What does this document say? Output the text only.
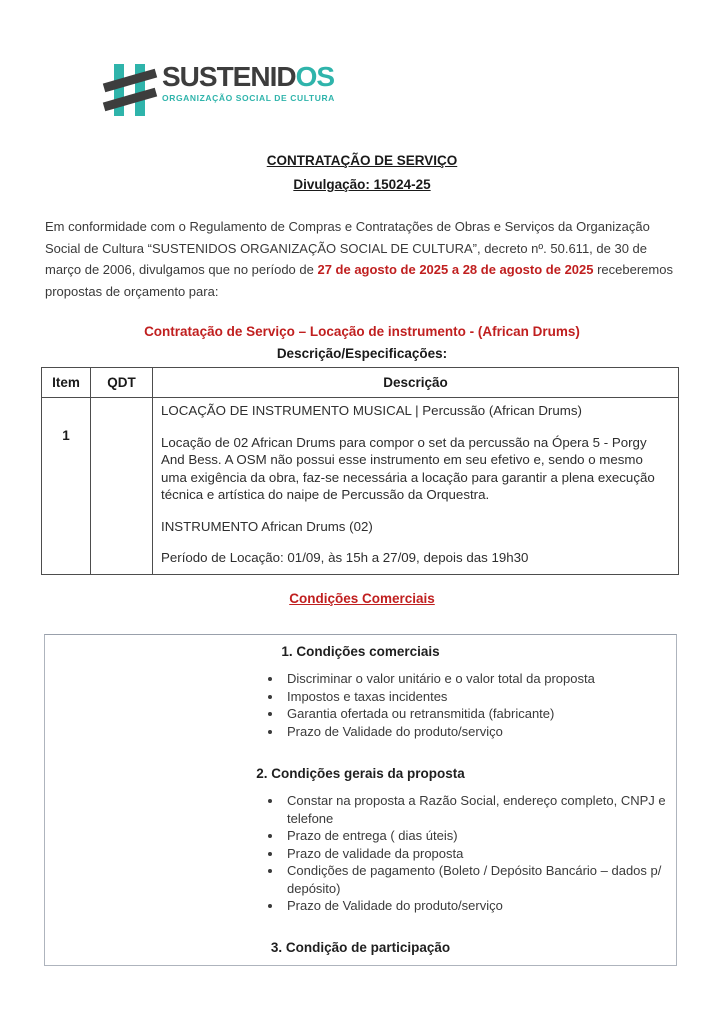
SUSTENIDOS
ORGANIZAÇÃO SOCIAL DE CULTURA
CONTRATAÇÃO DE SERVIÇO
Divulgação: 15024-25

Em conformidade com o Regulamento de Compras e Contratações de Obras e Serviços da Organização Social de Cultura “SUSTENIDOS ORGANIZAÇÃO SOCIAL DE CULTURA”, decreto nº. 50.611, de 30 de março de 2006, divulgamos que no período de 27 de agosto de 2025 a 28 de agosto de 2025 receberemos propostas de orçamento para:

Contratação de Serviço – Locação de instrumento - (African Drums)
Descrição/Especificações:
Item	QDT	Descrição
1		LOCAÇÃO DE INSTRUMENTO MUSICAL | Percussão (African Drums)

Locação de 02 African Drums para compor o set da percussão na Ópera 5 - Porgy And Bess. A OSM não possui esse instrumento em seu efetivo e, sendo o mesmo uma exigência da obra, faz-se necessária a locação para garantir a plena execução técnica e artística do naipe de Percussão da Orquestra.

INSTRUMENTO African Drums (02)

Período de Locação: 01/09, às 15h a 27/09, depois das 19h30

Condições Comerciais
1. Condições comerciais
• Discriminar o valor unitário e o valor total da proposta
• Impostos e taxas incidentes
• Garantia ofertada ou retransmitida (fabricante)
• Prazo de Validade do produto/serviço
2. Condições gerais da proposta
• Constar na proposta a Razão Social, endereço completo, CNPJ e telefone
• Prazo de entrega ( dias úteis)
• Prazo de validade da proposta
• Condições de pagamento (Boleto / Depósito Bancário – dados p/ depósito)
• Prazo de Validade do produto/serviço
3. Condição de participação
